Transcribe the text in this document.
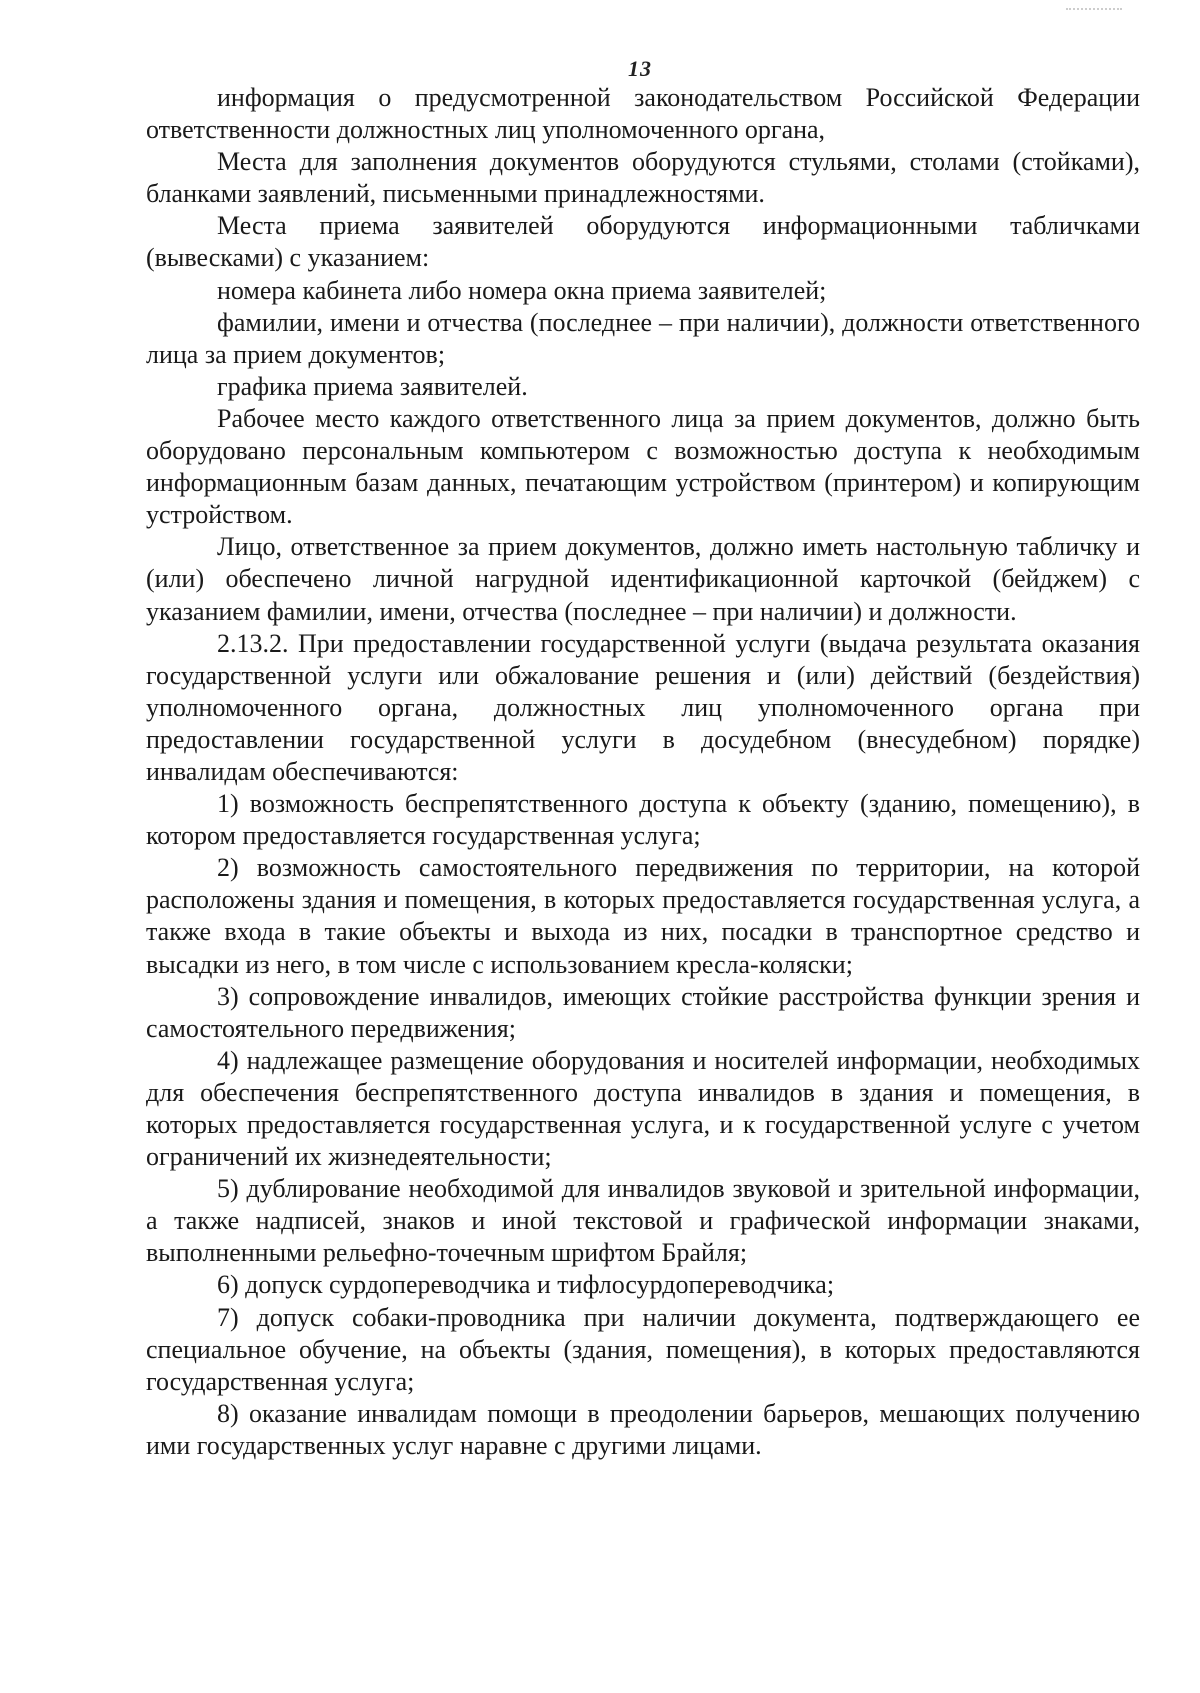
13

информация о предусмотренной законодательством Российской Федерации ответственности должностных лиц уполномоченного органа,

Места для заполнения документов оборудуются стульями, столами (стойками), бланками заявлений, письменными принадлежностями.

Места приема заявителей оборудуются информационными табличками (вывесками) с указанием:

номера кабинета либо номера окна приема заявителей;

фамилии, имени и отчества (последнее – при наличии), должности ответственного лица за прием документов;

графика приема заявителей.

Рабочее место каждого ответственного лица за прием документов, должно быть оборудовано персональным компьютером с возможностью доступа к необходимым информационным базам данных, печатающим устройством (принтером) и копирующим устройством.

Лицо, ответственное за прием документов, должно иметь настольную табличку и (или) обеспечено личной нагрудной идентификационной карточкой (бейджем) с указанием фамилии, имени, отчества (последнее – при наличии) и должности.

2.13.2. При предоставлении государственной услуги (выдача результата оказания государственной услуги или обжалование решения и (или) действий (бездействия) уполномоченного органа, должностных лиц уполномоченного органа при предоставлении государственной услуги в досудебном (внесудебном) порядке) инвалидам обеспечиваются:

1) возможность беспрепятственного доступа к объекту (зданию, помещению), в котором предоставляется государственная услуга;

2) возможность самостоятельного передвижения по территории, на которой расположены здания и помещения, в которых предоставляется государственная услуга, а также входа в такие объекты и выхода из них, посадки в транспортное средство и высадки из него, в том числе с использованием кресла-коляски;

3) сопровождение инвалидов, имеющих стойкие расстройства функции зрения и самостоятельного передвижения;

4) надлежащее размещение оборудования и носителей информации, необходимых для обеспечения беспрепятственного доступа инвалидов в здания и помещения, в которых предоставляется государственная услуга, и к государственной услуге с учетом ограничений их жизнедеятельности;

5) дублирование необходимой для инвалидов звуковой и зрительной информации, а также надписей, знаков и иной текстовой и графической информации знаками, выполненными рельефно-точечным шрифтом Брайля;

6) допуск сурдопереводчика и тифлосурдопереводчика;

7) допуск собаки-проводника при наличии документа, подтверждающего ее специальное обучение, на объекты (здания, помещения), в которых предоставляются государственная услуга;

8) оказание инвалидам помощи в преодолении барьеров, мешающих получению ими государственных услуг наравне с другими лицами.
